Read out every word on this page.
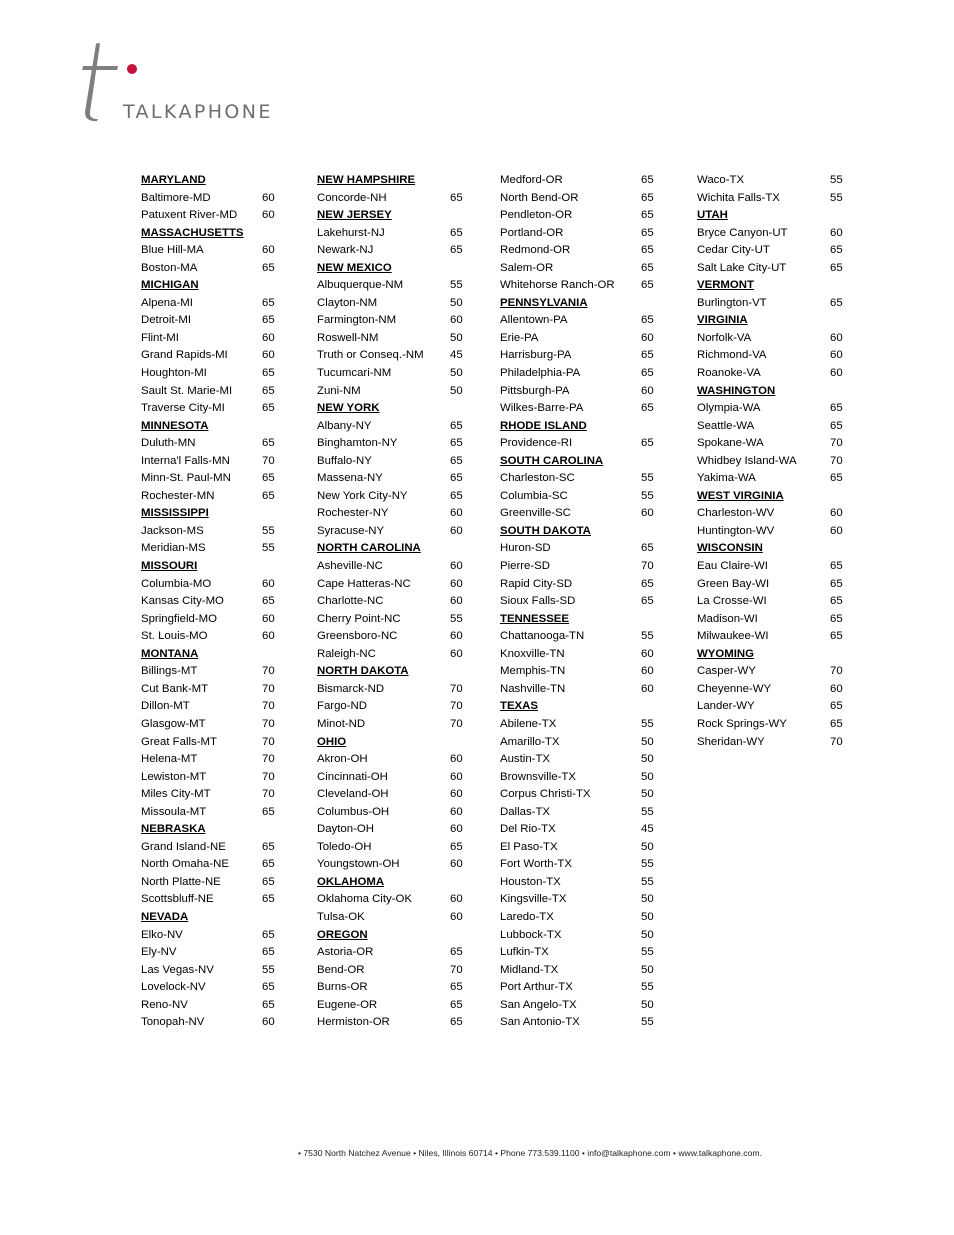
TALKAPHONE

MARYLAND
Baltimore-MD	60
Patuxent River-MD 60
MASSACHUSETTS
Blue Hill-MA	60
Boston-MA	65
MICHIGAN
Alpena-MI	65
Detroit-MI	65
Flint-MI	60
Grand Rapids-MI	60
Houghton-MI	65
Sault St. Marie-MI	65
Traverse City-MI	65
MINNESOTA
Duluth-MN	65
Interna'l Falls-MN	70
Minn-St. Paul-MN	65
Rochester-MN	65
MISSISSIPPI
Jackson-MS	55
Meridian-MS	55
MISSOURI
Columbia-MO	60
Kansas City-MO	65
Springfield-MO	60
St. Louis-MO	60
MONTANA
Billings-MT	70
Cut Bank-MT	70
Dillon-MT	70
Glasgow-MT	70
Great Falls-MT	70
Helena-MT	70
Lewiston-MT	70
Miles City-MT	70
Missoula-MT	65
NEBRASKA
Grand Island-NE	65
North Omaha-NE	65
North Platte-NE	65
Scottsbluff-NE	65
NEVADA
Elko-NV	65
Ely-NV	65
Las Vegas-NV	55
Lovelock-NV	65
Reno-NV	65
Tonopah-NV	60
NEW HAMPSHIRE
Concorde-NH	65
NEW JERSEY
Lakehurst-NJ	65
Newark-NJ	65
NEW MEXICO
Albuquerque-NM	55
Clayton-NM	50
Farmington-NM	60
Roswell-NM	50
Truth or Conseq.-NM 45
Tucumcari-NM	50
Zuni-NM	50
NEW YORK
Albany-NY	65
Binghamton-NY	65
Buffalo-NY	65
Massena-NY	65
New York City-NY	65
Rochester-NY	60
Syracuse-NY	60
NORTH CAROLINA
Asheville-NC	60
Cape Hatteras-NC	60
Charlotte-NC	60
Cherry Point-NC	55
Greensboro-NC	60
Raleigh-NC	60
NORTH DAKOTA
Bismarck-ND	70
Fargo-ND	70
Minot-ND	70
OHIO
Akron-OH	60
Cincinnati-OH	60
Cleveland-OH	60
Columbus-OH	60
Dayton-OH	60
Toledo-OH	65
Youngstown-OH	60
OKLAHOMA
Oklahoma City-OK	60
Tulsa-OK	60
OREGON
Astoria-OR	65
Bend-OR	70
Burns-OR	65
Eugene-OR	65
Hermiston-OR	65
Medford-OR	65
North Bend-OR	65
Pendleton-OR	65
Portland-OR	65
Redmond-OR	65
Salem-OR	65
Whitehorse Ranch-OR 65
PENNSYLVANIA
Allentown-PA	65
Erie-PA	60
Harrisburg-PA	65
Philadelphia-PA	65
Pittsburgh-PA	60
Wilkes-Barre-PA	65
RHODE ISLAND
Providence-RI	65
SOUTH CAROLINA
Charleston-SC	55
Columbia-SC	55
Greenville-SC	60
SOUTH DAKOTA
Huron-SD	65
Pierre-SD	70
Rapid City-SD	65
Sioux Falls-SD	65
TENNESSEE
Chattanooga-TN	55
Knoxville-TN	60
Memphis-TN	60
Nashville-TN	60
TEXAS
Abilene-TX	55
Amarillo-TX	50
Austin-TX	50
Brownsville-TX	50
Corpus Christi-TX	50
Dallas-TX	55
Del Rio-TX	45
El Paso-TX	50
Fort Worth-TX	55
Houston-TX	55
Kingsville-TX	50
Laredo-TX	50
Lubbock-TX	50
Lufkin-TX	55
Midland-TX	50
Port Arthur-TX	55
San Angelo-TX	50
San Antonio-TX	55
Waco-TX	55
Wichita Falls-TX	55
UTAH
Bryce Canyon-UT	60
Cedar City-UT	65
Salt Lake City-UT	65
VERMONT
Burlington-VT	65
VIRGINIA
Norfolk-VA	60
Richmond-VA	60
Roanoke-VA	60
WASHINGTON
Olympia-WA	65
Seattle-WA	65
Spokane-WA	70
Whidbey Island-WA	70
Yakima-WA	65
WEST VIRGINIA
Charleston-WV	60
Huntington-WV	60
WISCONSIN
Eau Claire-WI	65
Green Bay-WI	65
La Crosse-WI	65
Madison-WI	65
Milwaukee-WI	65
WYOMING
Casper-WY	70
Cheyenne-WY	60
Lander-WY	65
Rock Springs-WY	65
Sheridan-WY	70
• 7530 North Natchez Avenue • Niles, Illinois 60714 • Phone 773.539.1100 • info@talkaphone.com • www.talkaphone.com.
